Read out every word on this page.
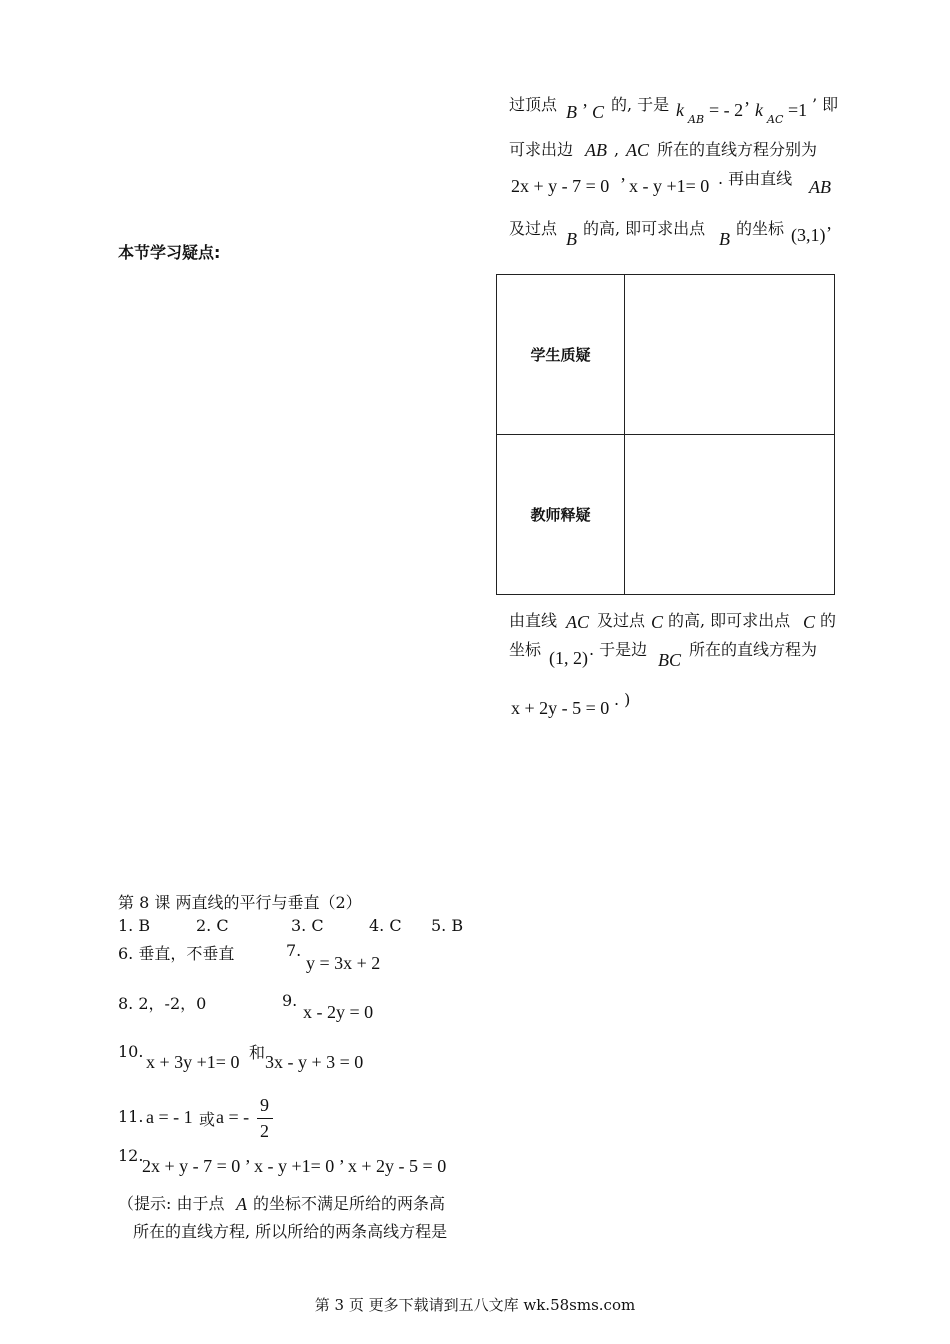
过顶点 B ’ C 的, 于是 k AB = - 2 ’ k AC =1 ’ 即
可求出边 AB , AC 所在的直线方程分别为
2x + y - 7 = 0 ’ x - y +1= 0 . 再由直线 AB
及过点
B
的高, 即可求出点
B
的坐标 (3,1) ’
本节学习疑点:
学生质疑	
教师释疑	
由直线 AC 及过点 C 的高, 即可求出点 C 的
坐标 (1, 2) . 于是边
BC
所在的直线方程为
x + 2y - 5 = 0 . )
第 8 课 两直线的平行与垂直（2）
1. B	2. C	3. C	4. C 5. B
6. 垂直，不垂直	7.
y = 3x + 2
8. 2，-2，0	9.
x - 2y = 0
10.
x + 3y +1= 0 和 3x - y + 3 = 0
11. a = - 1 或 a = -
9
2
12.
2x + y - 7 = 0 ’ x - y +1= 0 ’ x + 2y - 5 = 0
（提示: 由于点 A 的坐标不满足所给的两条高
所在的直线方程, 所以所给的两条高线方程是
第 3 页 更多下载请到五八文库 wk.58sms.com
